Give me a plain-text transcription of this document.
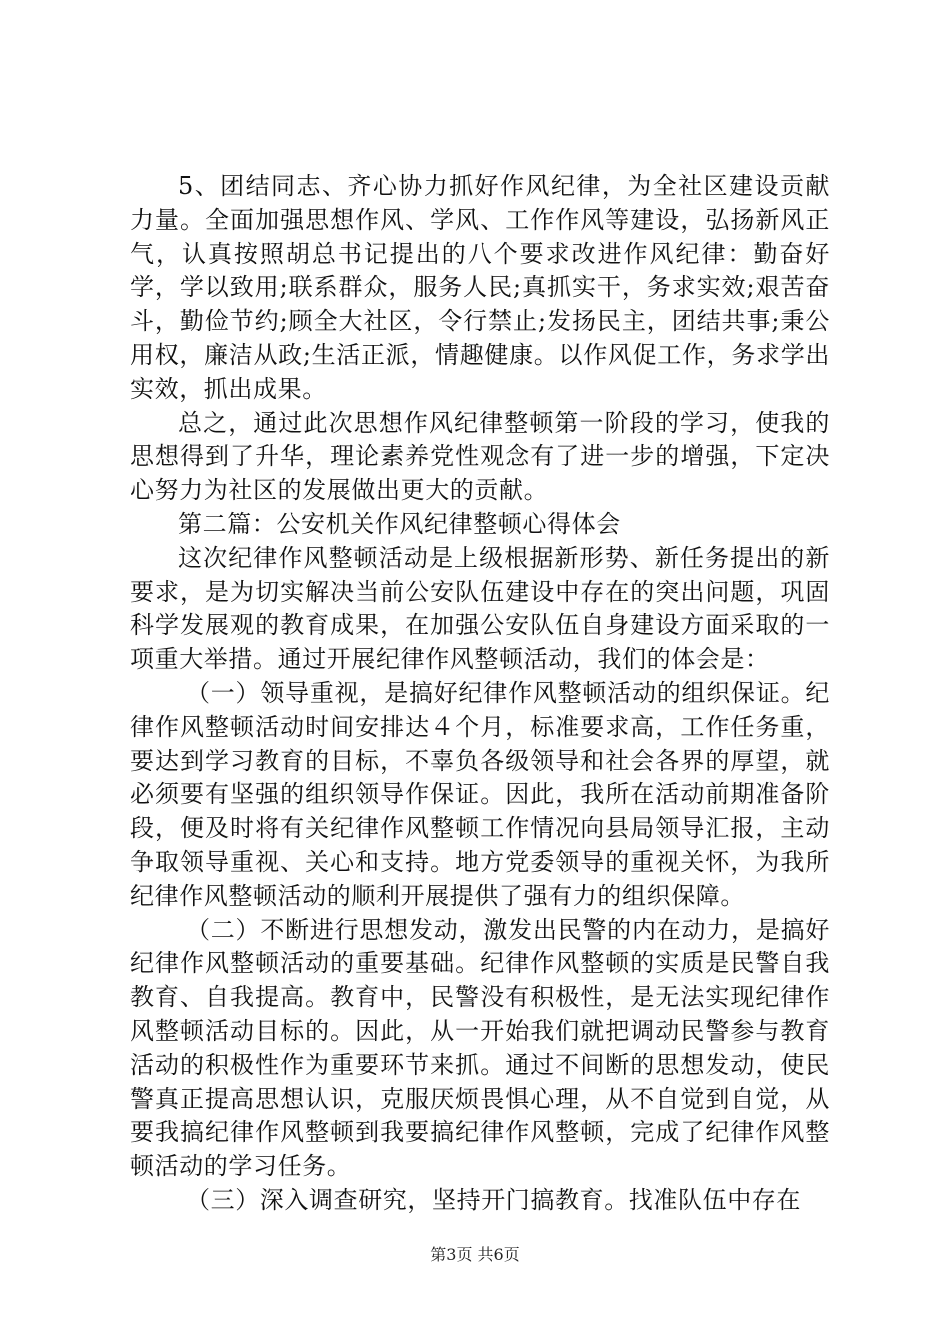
5、团结同志、齐心协力抓好作风纪律，为全社区建设贡献力量。全面加强思想作风、学风、工作作风等建设，弘扬新风正气，认真按照胡总书记提出的八个要求改进作风纪律：勤奋好学，学以致用;联系群众，服务人民;真抓实干，务求实效;艰苦奋斗，勤俭节约;顾全大社区，令行禁止;发扬民主，团结共事;秉公用权，廉洁从政;生活正派，情趣健康。以作风促工作，务求学出实效，抓出成果。

总之，通过此次思想作风纪律整顿第一阶段的学习，使我的思想得到了升华，理论素养党性观念有了进一步的增强，下定决心努力为社区的发展做出更大的贡献。

第二篇：公安机关作风纪律整顿心得体会

这次纪律作风整顿活动是上级根据新形势、新任务提出的新要求，是为切实解决当前公安队伍建设中存在的突出问题，巩固科学发展观的教育成果，在加强公安队伍自身建设方面采取的一项重大举措。通过开展纪律作风整顿活动，我们的体会是：

（一）领导重视，是搞好纪律作风整顿活动的组织保证。纪律作风整顿活动时间安排达４个月，标准要求高，工作任务重，要达到学习教育的目标，不辜负各级领导和社会各界的厚望，就必须要有坚强的组织领导作保证。因此，我所在活动前期准备阶段，便及时将有关纪律作风整顿工作情况向县局领导汇报，主动争取领导重视、关心和支持。地方党委领导的重视关怀，为我所纪律作风整顿活动的顺利开展提供了强有力的组织保障。

（二）不断进行思想发动，激发出民警的内在动力，是搞好纪律作风整顿活动的重要基础。纪律作风整顿的实质是民警自我教育、自我提高。教育中，民警没有积极性，是无法实现纪律作风整顿活动目标的。因此，从一开始我们就把调动民警参与教育活动的积极性作为重要环节来抓。通过不间断的思想发动，使民警真正提高思想认识，克服厌烦畏惧心理，从不自觉到自觉，从要我搞纪律作风整顿到我要搞纪律作风整顿，完成了纪律作风整顿活动的学习任务。

（三）深入调查研究，坚持开门搞教育。找准队伍中存在

第3页 共6页
